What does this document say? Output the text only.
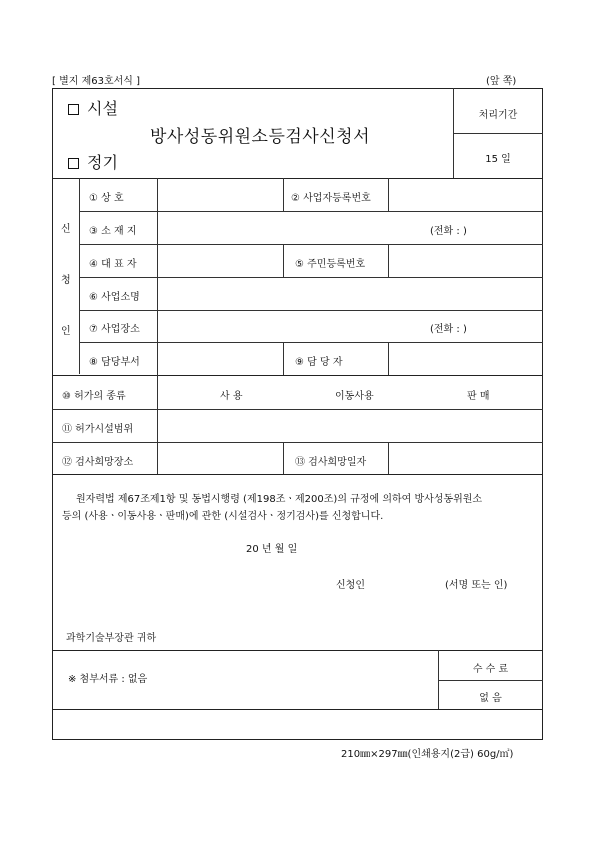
[ 별지 제63호서식 ]	(앞 쪽)
시설
방사성동위원소등검사신청서
정기
처리기간
15 일
신
청
인
① 상 호	② 사업자등록번호
③ 소 재 지	(전화 : )
④ 대 표 자	⑤ 주민등록번호
⑥ 사업소명
⑦ 사업장소	(전화 : )
⑧ 담당부서	⑨ 담 당 자
⑩ 허가의 종류	사 용	이동사용	판 매
⑪ 허가시설범위
⑫ 검사희망장소	⑬ 검사희망일자
원자력법 제67조제1항 및 동법시행령 (제198조ㆍ제200조)의 규정에 의하여 방사성동위원소
등의 (사용ㆍ이동사용ㆍ판매)에 관한 (시설검사ㆍ정기검사)를 신청합니다.
20 년 월 일
신청인	(서명 또는 인)
과학기술부장관 귀하
※ 첨부서류 : 없음
수 수 료
없 음
210㎜×297㎜(인쇄용지(2급) 60g/㎡)
